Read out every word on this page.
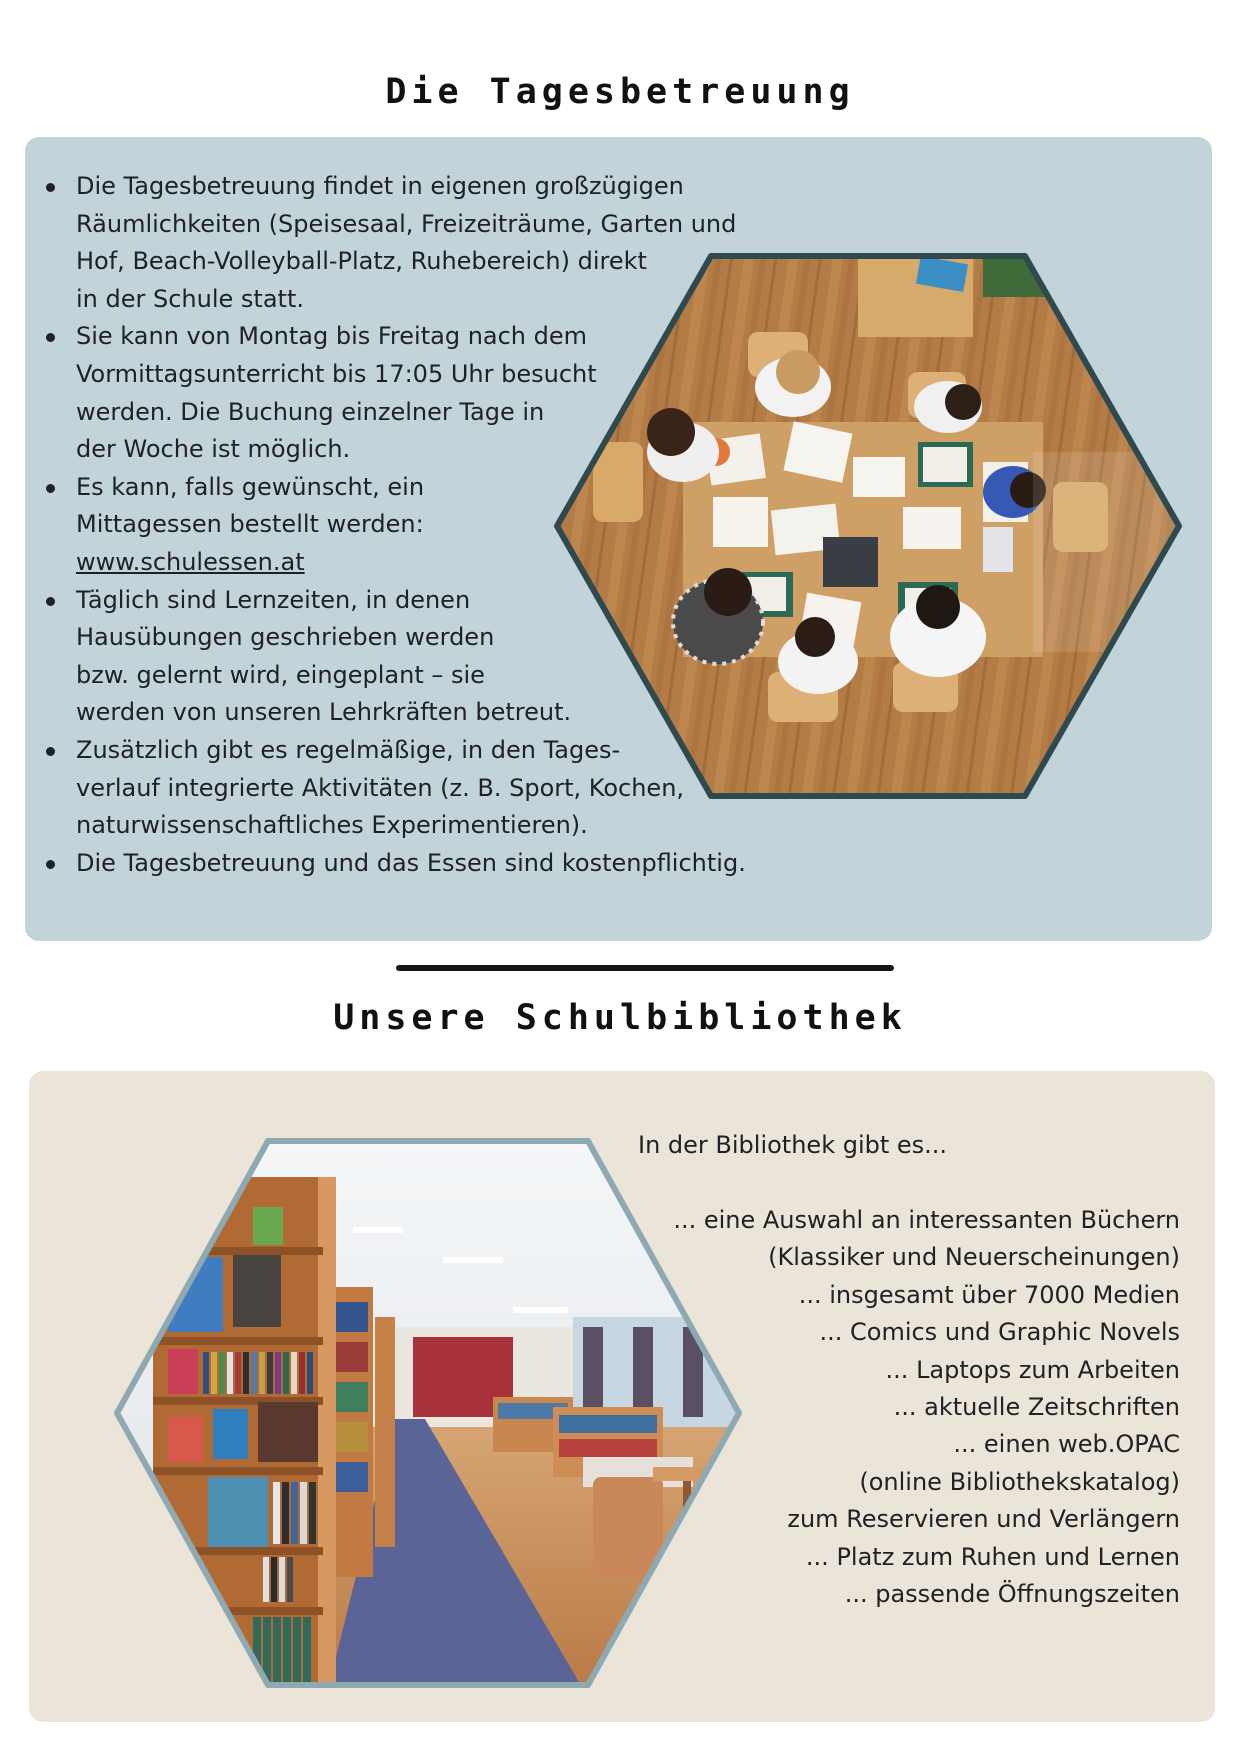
Die Tagesbetreuung
Die Tagesbetreuung findet in eigenen großzügigen
Räumlichkeiten (Speisesaal, Freizeiträume, Garten und
Hof, Beach-Volleyball-Platz, Ruhebereich) direkt
in der Schule statt.
Sie kann von Montag bis Freitag nach dem
Vormittagsunterricht bis 17:05 Uhr besucht
werden. Die Buchung einzelner Tage in
der Woche ist möglich.
Es kann, falls gewünscht, ein
Mittagessen bestellt werden:
www.schulessen.at
Täglich sind Lernzeiten, in denen
Hausübungen geschrieben werden
bzw. gelernt wird, eingeplant – sie
werden von unseren Lehrkräften betreut.
Zusätzlich gibt es regelmäßige, in den Tages-
verlauf integrierte Aktivitäten (z. B. Sport, Kochen,
naturwissenschaftliches Experimentieren).
Die Tagesbetreuung und das Essen sind kostenpflichtig.
Unsere Schulbibliothek

In der Bibliothek gibt es...

... eine Auswahl an interessanten Büchern
(Klassiker und Neuerscheinungen)
... insgesamt über 7000 Medien
... Comics und Graphic Novels
... Laptops zum Arbeiten
... aktuelle Zeitschriften
... einen web.OPAC
(online Bibliothekskatalog)
zum Reservieren und Verlängern
... Platz zum Ruhen und Lernen
... passende Öffnungszeiten
